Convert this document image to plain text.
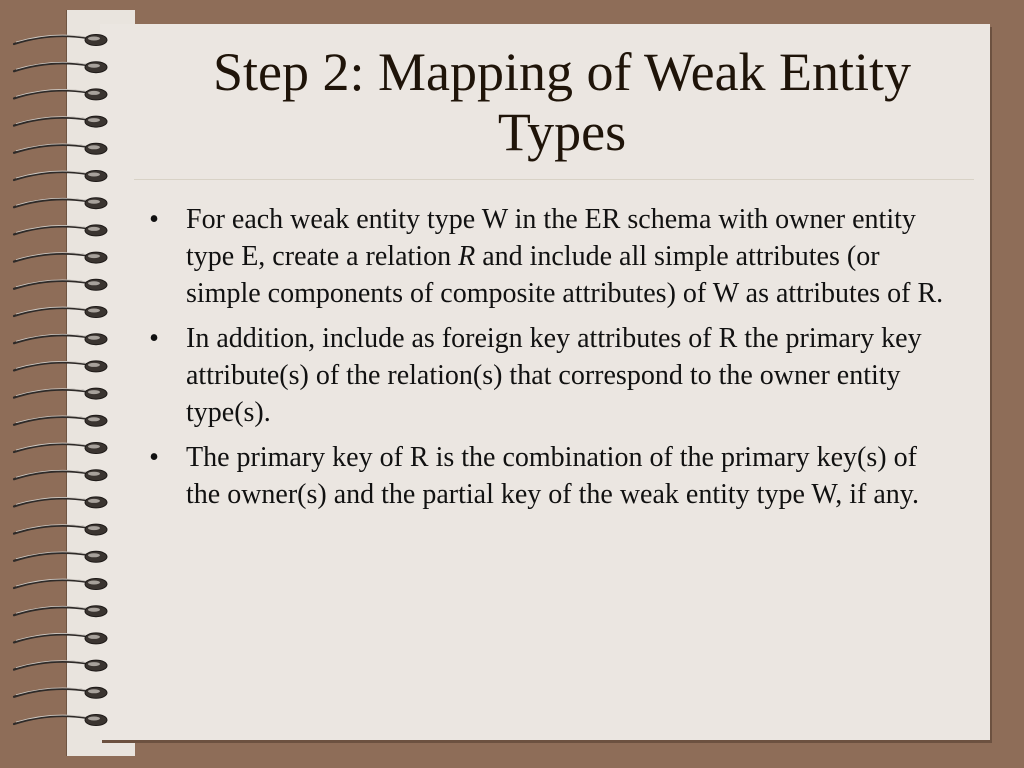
Step 2: Mapping of Weak Entity
Types
• For each weak entity type W in the ER schema with owner entity type E, create a relation R and include all simple attributes (or simple components of composite attributes) of W as attributes of R.
• In addition, include as foreign key attributes of R the primary key attribute(s) of the relation(s) that correspond to the owner entity type(s).
• The primary key of R is the combination of the primary key(s) of the owner(s) and the partial key of the weak entity type W, if any.
